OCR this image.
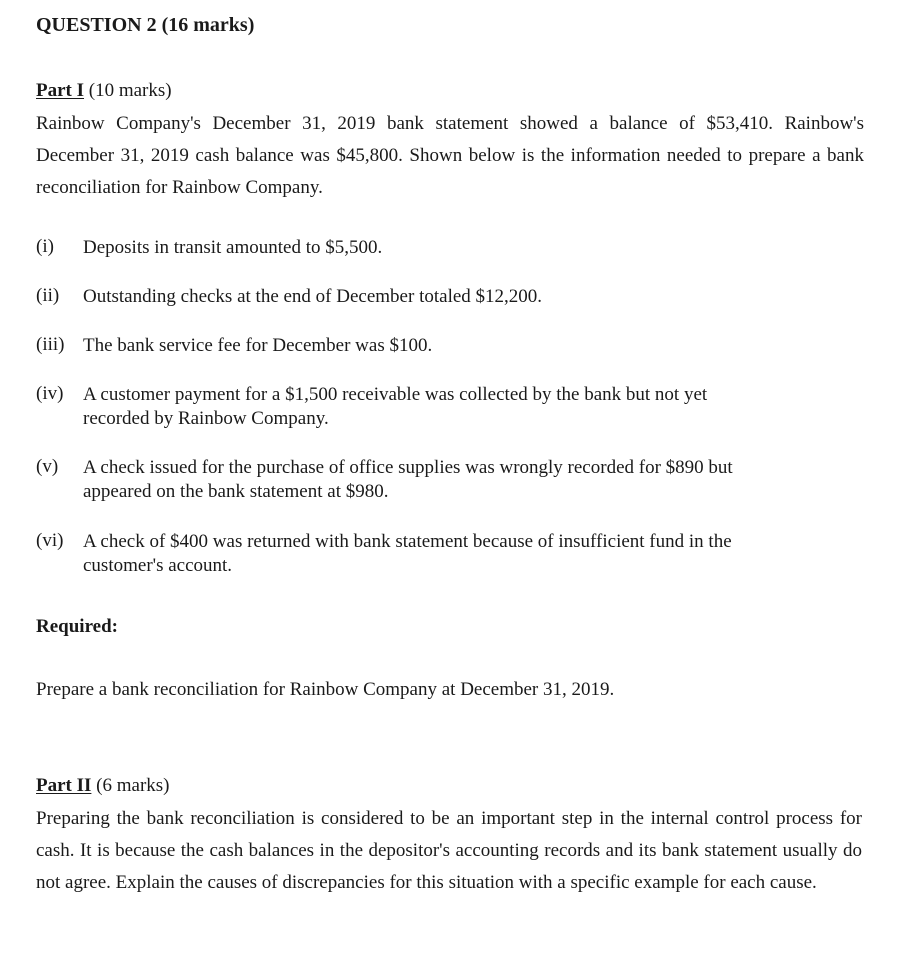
QUESTION 2 (16 marks)
Part I (10 marks)
Rainbow Company's December 31, 2019 bank statement showed a balance of $53,410. Rainbow's December 31, 2019 cash balance was $45,800. Shown below is the information needed to prepare a bank reconciliation for Rainbow Company.
(i) Deposits in transit amounted to $5,500.
(ii) Outstanding checks at the end of December totaled $12,200.
(iii) The bank service fee for December was $100.
(iv) A customer payment for a $1,500 receivable was collected by the bank but not yet recorded by Rainbow Company.
(v) A check issued for the purchase of office supplies was wrongly recorded for $890 but appeared on the bank statement at $980.
(vi) A check of $400 was returned with bank statement because of insufficient fund in the customer's account.
Required:
Prepare a bank reconciliation for Rainbow Company at December 31, 2019.
Part II (6 marks)
Preparing the bank reconciliation is considered to be an important step in the internal control process for cash. It is because the cash balances in the depositor's accounting records and its bank statement usually do not agree. Explain the causes of discrepancies for this situation with a specific example for each cause.
